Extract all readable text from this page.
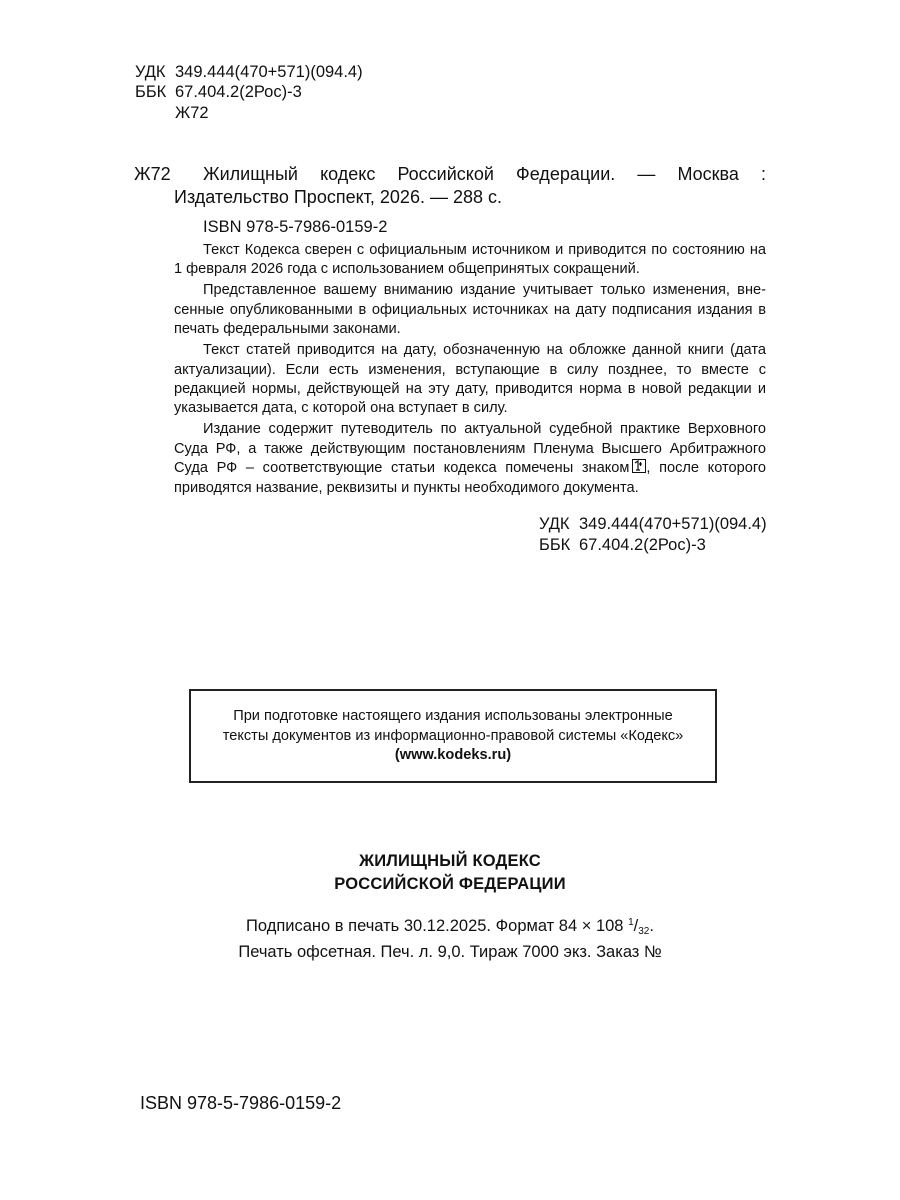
УДК 349.444(470+571)(094.4)
ББК 67.404.2(2Рос)-3
Ж72
Ж72	Жилищный кодекс Российской Федерации. — Москва : Издательство Проспект, 2026. — 288 с.
ISBN 978-5-7986-0159-2

Текст Кодекса сверен с официальным источником и приводится по состоянию на 1 февраля 2026 года с использованием общепринятых сокращений.

Представленное вашему вниманию издание учитывает только изменения, внесенные опубликованными в официальных источниках на дату подписания издания в печать федеральными законами.

Текст статей приводится на дату, обозначенную на обложке данной книги (дата актуализации). Если есть изменения, вступающие в силу позднее, то вместе с редакцией нормы, действующей на эту дату, приводится норма в новой редакции и указывается дата, с которой она вступает в силу.

Издание содержит путеводитель по актуальной судебной практике Верховного Суда РФ, а также действующим постановлениям Пленума Высшего Арбитражного Суда РФ – соответствующие статьи кодекса помечены знаком , после которого приводятся название, реквизиты и пункты необходимого документа.

УДК 349.444(470+571)(094.4)
ББК 67.404.2(2Рос)-3
При подготовке настоящего издания использованы электронные
тексты документов из информационно-правовой системы «Кодекс»
(www.kodeks.ru)
ЖИЛИЩНЫЙ КОДЕКС
РОССИЙСКОЙ ФЕДЕРАЦИИ
Подписано в печать 30.12.2025. Формат 84 × 108 $^1/_{32}$.
Печать офсетная. Печ. л. 9,0. Тираж 7000 экз. Заказ №
ISBN 978-5-7986-0159-2
